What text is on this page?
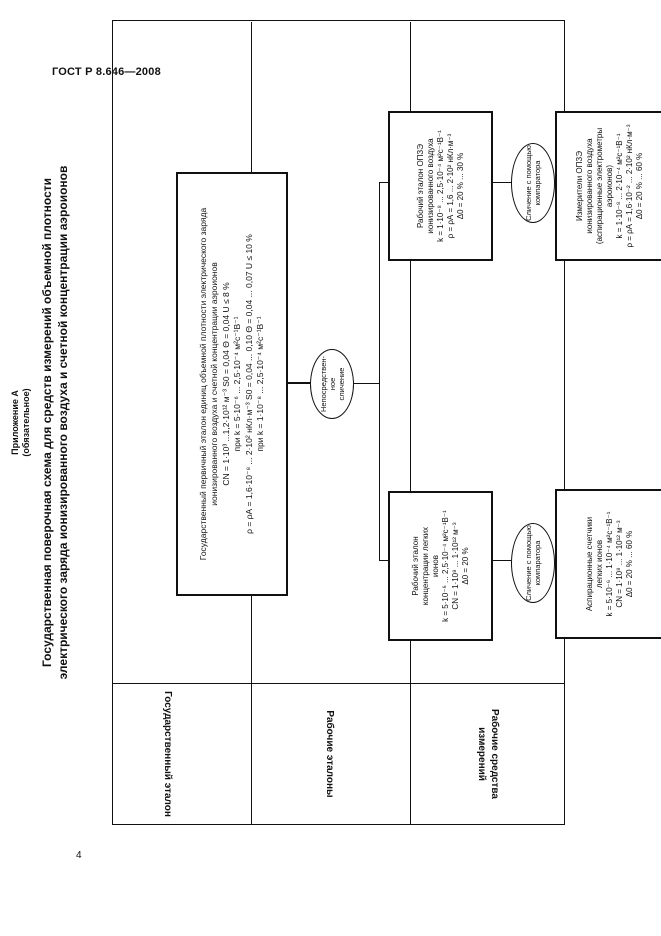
ГОСТ Р 8.646—2008
4
Приложение А (обязательное) Государственная поверочная схема для средств измерений объемной плотности электрического заряда ионизированного воздуха и счетной концентрации аэроионов
Государственный эталон	Рабочие эталоны	Рабочие средства измерений
Государственный первичный эталон единиц объемной плотности электрического заряда ионизированного воздуха и счетной концентрации аэроионов CN = 1·10³ ...1,2·10¹² м⁻³ S0 = 0,04 Θ = 0,04 U ≤ 8 % при k = 5·10⁻⁶ ... 2,5·10⁻⁴ м²с⁻¹В⁻¹ ρ = ρА = 1,6·10⁻⁸ ... 2·10² нКл·м⁻³ S0 = 0,04 ... 0,10 Θ = 0,04 ... 0,07 U ≤ 10 % при k = 1·10⁻⁸ ... 2,5·10⁻⁴ м²с⁻¹В⁻¹	Непосредствен- ное сличение
Рабочий эталон концентрации легких ионов k = 5·10⁻⁶ ... 2,5·10⁻⁴ м²с⁻¹В⁻¹ CN = 1·10⁸ ... 1·10¹² м⁻³ Δ0 = 20 %
Рабочий эталон ОПЗЭ ионизированного воздуха k = 1·10⁻⁸ ... 2,5·10⁻⁴ м²с⁻¹В⁻¹ ρ = ρА = 1,6 ... 2·10² нКл·м⁻³ Δ0 = 20 % ... 30 %
Сличение с помощью компаратора
Сличение с помощью компаратора
Аспирационные счетчики легких ионов k = 5·10⁻⁶ ... 1·10⁻⁴ м²с⁻¹В⁻¹ CN = 1·10⁸ ... 1·10¹² м⁻³ Δ0 = 20 % ... 60 %
Измерители ОПЗЭ ионизированного воздуха (аспирационные электрометры аэроионов) k = 1·10⁻⁸ ... 2·10⁻⁴ м²с⁻¹В⁻¹ ρ = ρА = 1,6·10⁻² ... 2·10² нКл·м⁻³ Δ0 = 20 % ... 60 %
